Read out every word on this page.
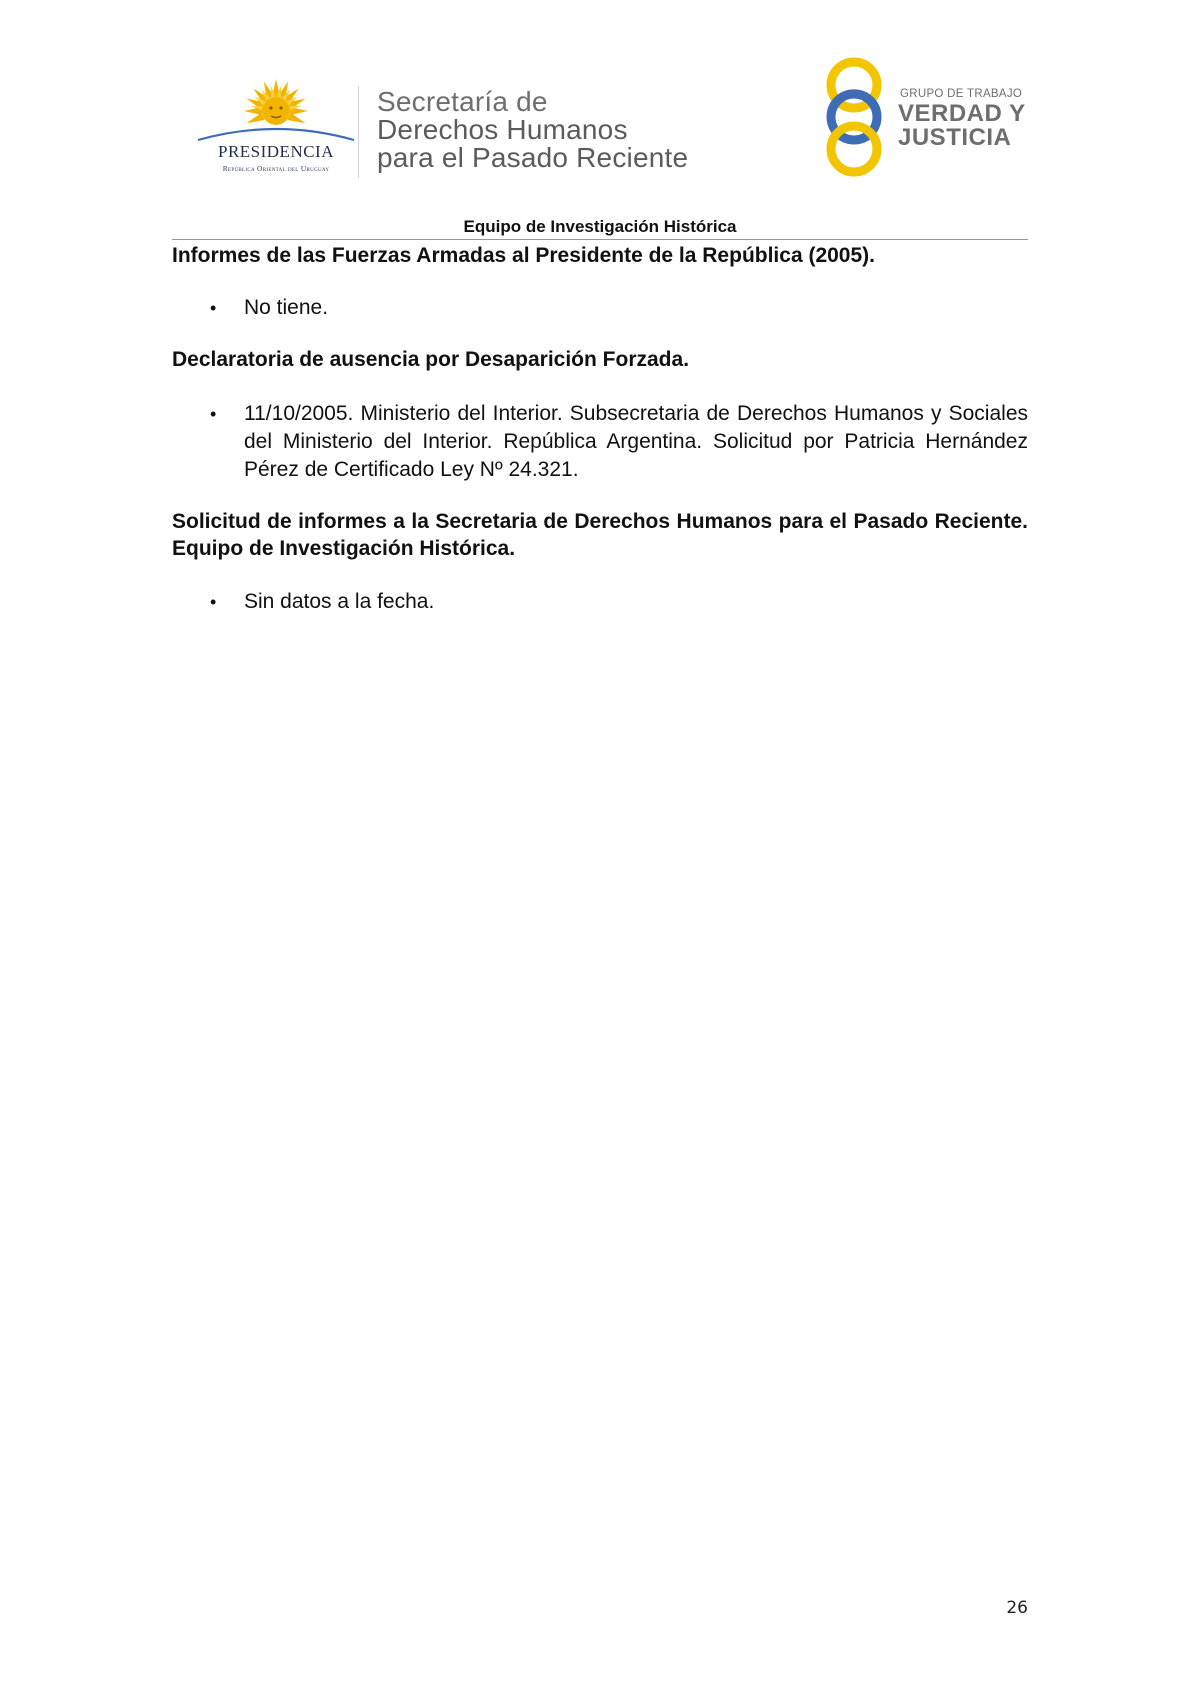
PRESIDENCIA
República Oriental del Uruguay
Secretaría de
Derechos Humanos
para el Pasado Reciente
GRUPO DE TRABAJO
VERDAD Y
JUSTICIA
Equipo de Investigación Histórica
Informes de las Fuerzas Armadas al Presidente de la República (2005).
• No tiene.
Declaratoria de ausencia por Desaparición Forzada.
• 11/10/2005. Ministerio del Interior. Subsecretaria de Derechos Humanos y Sociales del Ministerio del Interior. República Argentina. Solicitud por Patricia Hernández Pérez de Certificado Ley Nº 24.321.
Solicitud de informes a la Secretaria de Derechos Humanos para el Pasado Reciente. Equipo de Investigación Histórica.
• Sin datos a la fecha.
26
